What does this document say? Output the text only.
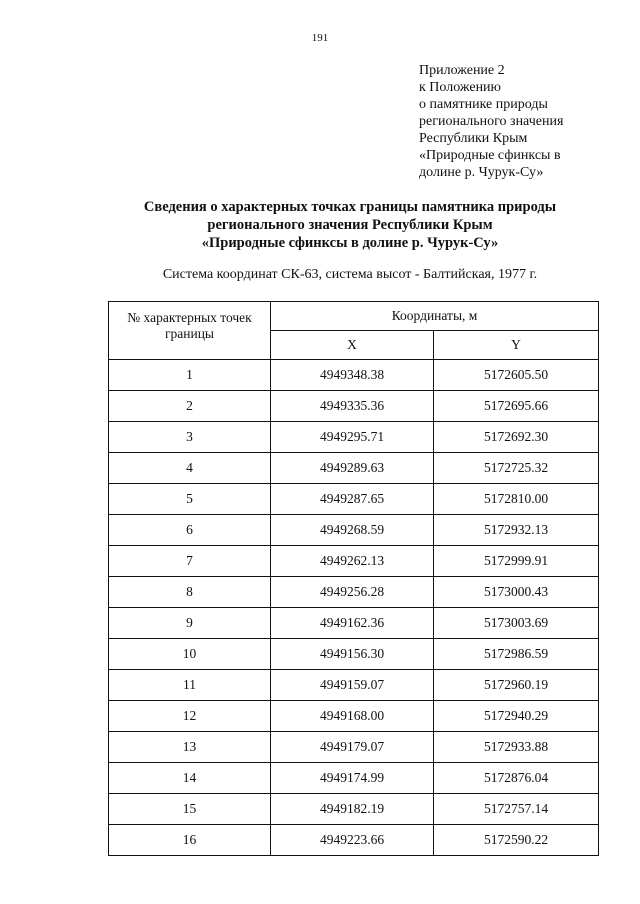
191
Приложение 2
к Положению
о памятнике природы
регионального значения
Республики Крым
«Природные сфинксы в
долине р. Чурук-Су»
Сведения о характерных точках границы памятника природы
регионального значения Республики Крым
«Природные сфинксы в долине р. Чурук-Су»
Система координат СК-63, система высот - Балтийская, 1977 г.
№ характерных точек границы	Координаты, м	
	X	Y
1	4949348.38	5172605.50
2	4949335.36	5172695.66
3	4949295.71	5172692.30
4	4949289.63	5172725.32
5	4949287.65	5172810.00
6	4949268.59	5172932.13
7	4949262.13	5172999.91
8	4949256.28	5173000.43
9	4949162.36	5173003.69
10	4949156.30	5172986.59
11	4949159.07	5172960.19
12	4949168.00	5172940.29
13	4949179.07	5172933.88
14	4949174.99	5172876.04
15	4949182.19	5172757.14
16	4949223.66	5172590.22
